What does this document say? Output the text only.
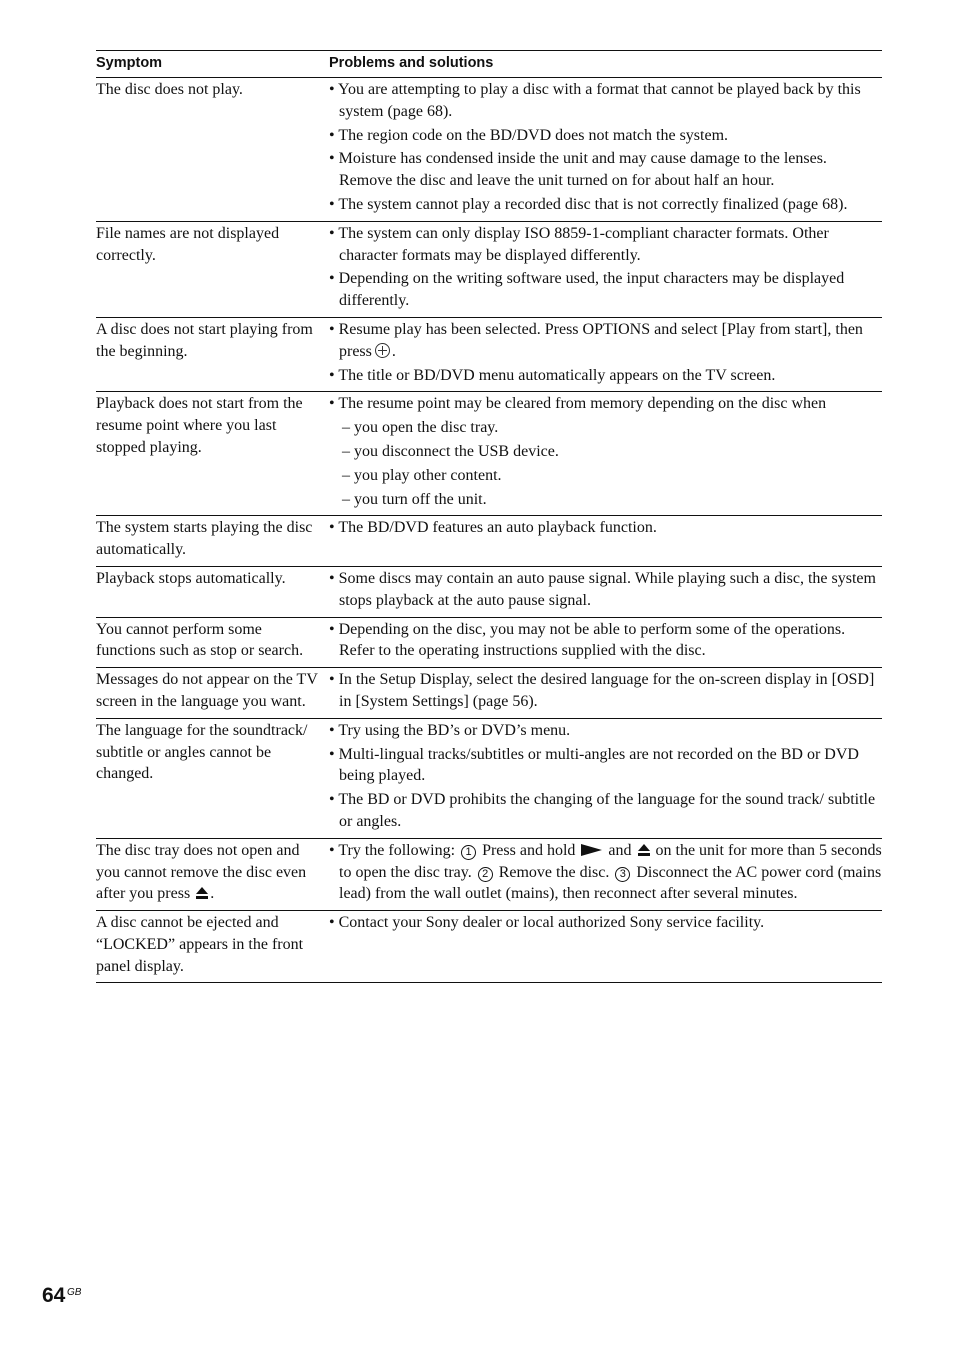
Symptom	Problems and solutions
The disc does not play.	• You are attempting to play a disc with a format that cannot be played back by this system (page 68).
• The region code on the BD/DVD does not match the system.
• Moisture has condensed inside the unit and may cause damage to the lenses. Remove the disc and leave the unit turned on for about half an hour.
• The system cannot play a recorded disc that is not correctly finalized (page 68).

File names are not displayed correctly.	• The system can only display ISO 8859-1-compliant character formats. Other character formats may be displayed differently.
• Depending on the writing software used, the input characters may be displayed differently.

A disc does not start playing from the beginning.	• Resume play has been selected. Press OPTIONS and select [Play from start], then press .
• The title or BD/DVD menu automatically appears on the TV screen.

Playback does not start from the resume point where you last stopped playing.	• The resume point may be cleared from memory depending on the disc when
– you open the disc tray.
– you disconnect the USB device.
– you play other content.
– you turn off the unit.

The system starts playing the disc automatically.	• The BD/DVD features an auto playback function.

Playback stops automatically.	• Some discs may contain an auto pause signal. While playing such a disc, the system stops playback at the auto pause signal.

You cannot perform some functions such as stop or search.	• Depending on the disc, you may not be able to perform some of the operations. Refer to the operating instructions supplied with the disc.

Messages do not appear on the TV screen in the language you want.	• In the Setup Display, select the desired language for the on-screen display in [OSD] in [System Settings] (page 56).

The language for the soundtrack/ subtitle or angles cannot be changed.	• Try using the BD’s or DVD’s menu.
• Multi-lingual tracks/subtitles or multi-angles are not recorded on the BD or DVD being played.
• The BD or DVD prohibits the changing of the language for the sound track/ subtitle or angles.

The disc tray does not open and you cannot remove the disc even after you press .	• Try the following: 1 Press and hold and on the unit for more than 5 seconds to open the disc tray. 2 Remove the disc. 3 Disconnect the AC power cord (mains lead) from the wall outlet (mains), then reconnect after several minutes.

A disc cannot be ejected and “LOCKED” appears in the front panel display.	• Contact your Sony dealer or local authorized Sony service facility.
64 GB
